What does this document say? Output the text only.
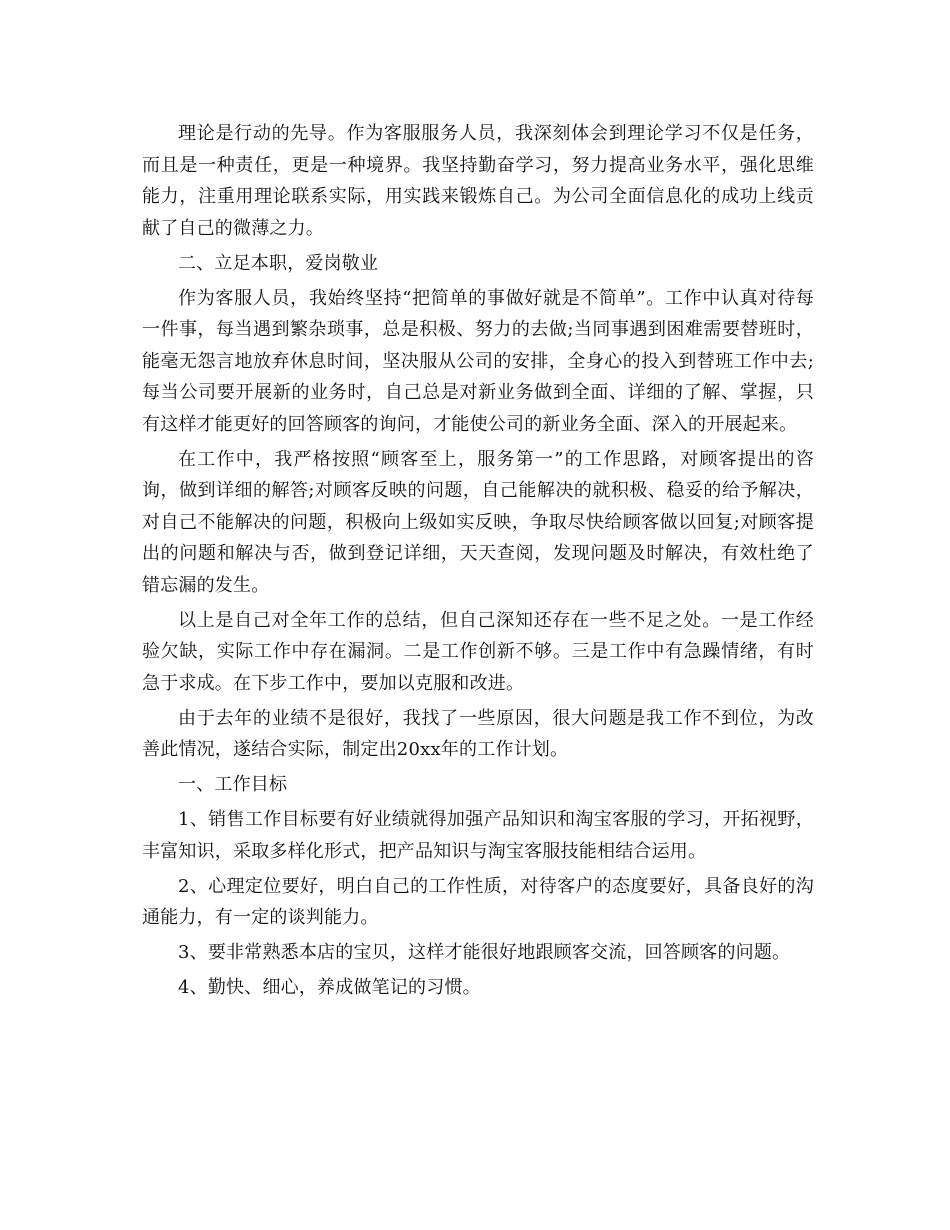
理论是行动的先导。作为客服服务人员，我深刻体会到理论学习不仅是任务，而且是一种责任，更是一种境界。我坚持勤奋学习，努力提高业务水平，强化思维能力，注重用理论联系实际，用实践来锻炼自己。为公司全面信息化的成功上线贡献了自己的微薄之力。

二、立足本职，爱岗敬业

作为客服人员，我始终坚持“把简单的事做好就是不简单”。工作中认真对待每一件事，每当遇到繁杂琐事，总是积极、努力的去做;当同事遇到困难需要替班时，能毫无怨言地放弃休息时间，坚决服从公司的安排，全身心的投入到替班工作中去;每当公司要开展新的业务时，自己总是对新业务做到全面、详细的了解、掌握，只有这样才能更好的回答顾客的询问，才能使公司的新业务全面、深入的开展起来。

在工作中，我严格按照“顾客至上，服务第一”的工作思路，对顾客提出的咨询，做到详细的解答;对顾客反映的问题，自己能解决的就积极、稳妥的给予解决，对自己不能解决的问题，积极向上级如实反映，争取尽快给顾客做以回复;对顾客提出的问题和解决与否，做到登记详细，天天查阅，发现问题及时解决，有效杜绝了错忘漏的发生。

以上是自己对全年工作的总结，但自己深知还存在一些不足之处。一是工作经验欠缺，实际工作中存在漏洞。二是工作创新不够。三是工作中有急躁情绪，有时急于求成。在下步工作中，要加以克服和改进。

由于去年的业绩不是很好，我找了一些原因，很大问题是我工作不到位，为改善此情况，遂结合实际，制定出20xx年的工作计划。

一、工作目标

1、销售工作目标要有好业绩就得加强产品知识和淘宝客服的学习，开拓视野，丰富知识，采取多样化形式，把产品知识与淘宝客服技能相结合运用。

2、心理定位要好，明白自己的工作性质，对待客户的态度要好，具备良好的沟通能力，有一定的谈判能力。

3、要非常熟悉本店的宝贝，这样才能很好地跟顾客交流，回答顾客的问题。

4、勤快、细心，养成做笔记的习惯。
